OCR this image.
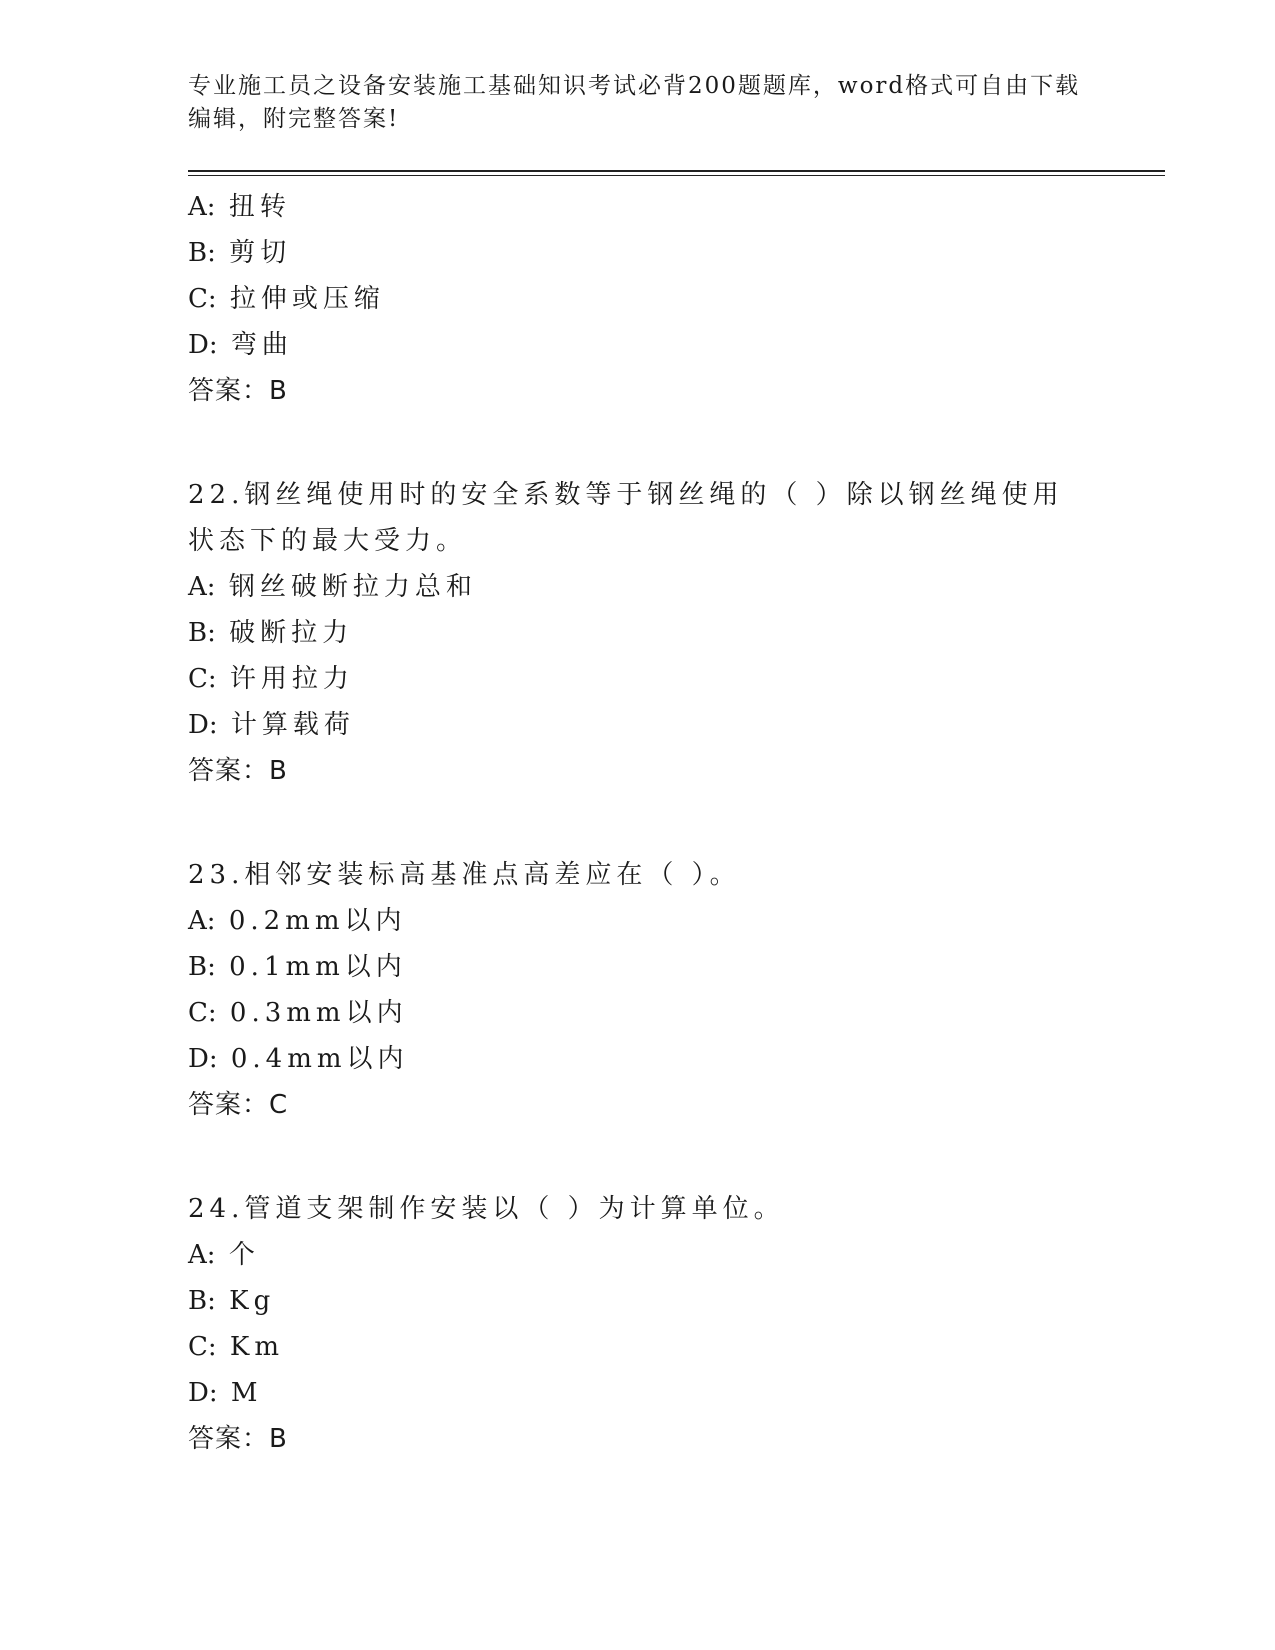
专业施工员之设备安装施工基础知识考试必背200题题库，word格式可自由下载编辑，附完整答案!

A: 扭转

B: 剪切

C: 拉伸或压缩

D: 弯曲

答案：B

22.钢丝绳使用时的安全系数等于钢丝绳的（ ）除以钢丝绳使用状态下的最大受力。

A: 钢丝破断拉力总和

B: 破断拉力

C: 许用拉力

D: 计算载荷

答案：B

23.相邻安装标高基准点高差应在（ ）。

A: 0.2mm以内

B: 0.1mm以内

C: 0.3mm以内

D: 0.4mm以内

答案：C

24.管道支架制作安装以（ ）为计算单位。

A: 个

B: Kg

C: Km

D: M

答案：B
